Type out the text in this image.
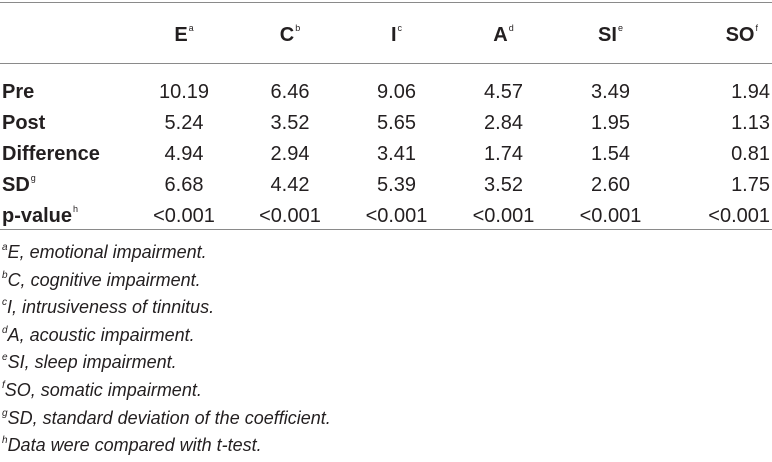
	E$^a$	C$^b$	I$^c$	A$^d$	SI$^e$	SO$^f$
Pre	10.19	6.46	9.06	4.57	3.49	1.94
Post	5.24	3.52	5.65	2.84	1.95	1.13
Difference	4.94	2.94	3.41	1.74	1.54	0.81
SD$^g$	6.68	4.42	5.39	3.52	2.60	1.75
p-value$^h$	<0.001	<0.001	<0.001	<0.001	<0.001	<0.001
$^a$E, emotional impairment.
$^b$C, cognitive impairment.
$^c$I, intrusiveness of tinnitus.
$^d$A, acoustic impairment.
$^e$SI, sleep impairment.
$^f$SO, somatic impairment.
$^g$SD, standard deviation of the coefficient.
$^h$Data were compared with t-test.
